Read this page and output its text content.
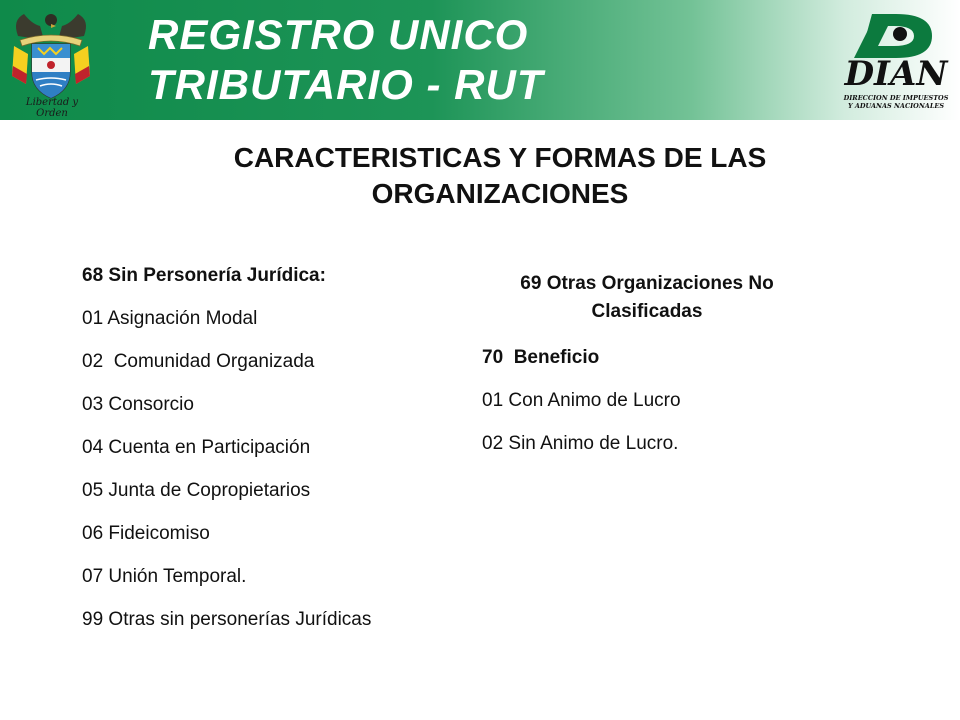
Libertad y Orden
REGISTRO UNICO
TRIBUTARIO - RUT	DIAN
DIRECCION DE IMPUESTOS
Y ADUANAS NACIONALES
CARACTERISTICAS Y FORMAS DE LAS
ORGANIZACIONES
68 Sin Personería Jurídica:
01 Asignación Modal
02  Comunidad Organizada
03 Consorcio
04 Cuenta en Participación
05 Junta de Copropietarios
06 Fideicomiso
07 Unión Temporal.
99 Otras sin personerías Jurídicas
69 Otras Organizaciones No
Clasificadas
70  Beneficio
01 Con Animo de Lucro
02 Sin Animo de Lucro.
